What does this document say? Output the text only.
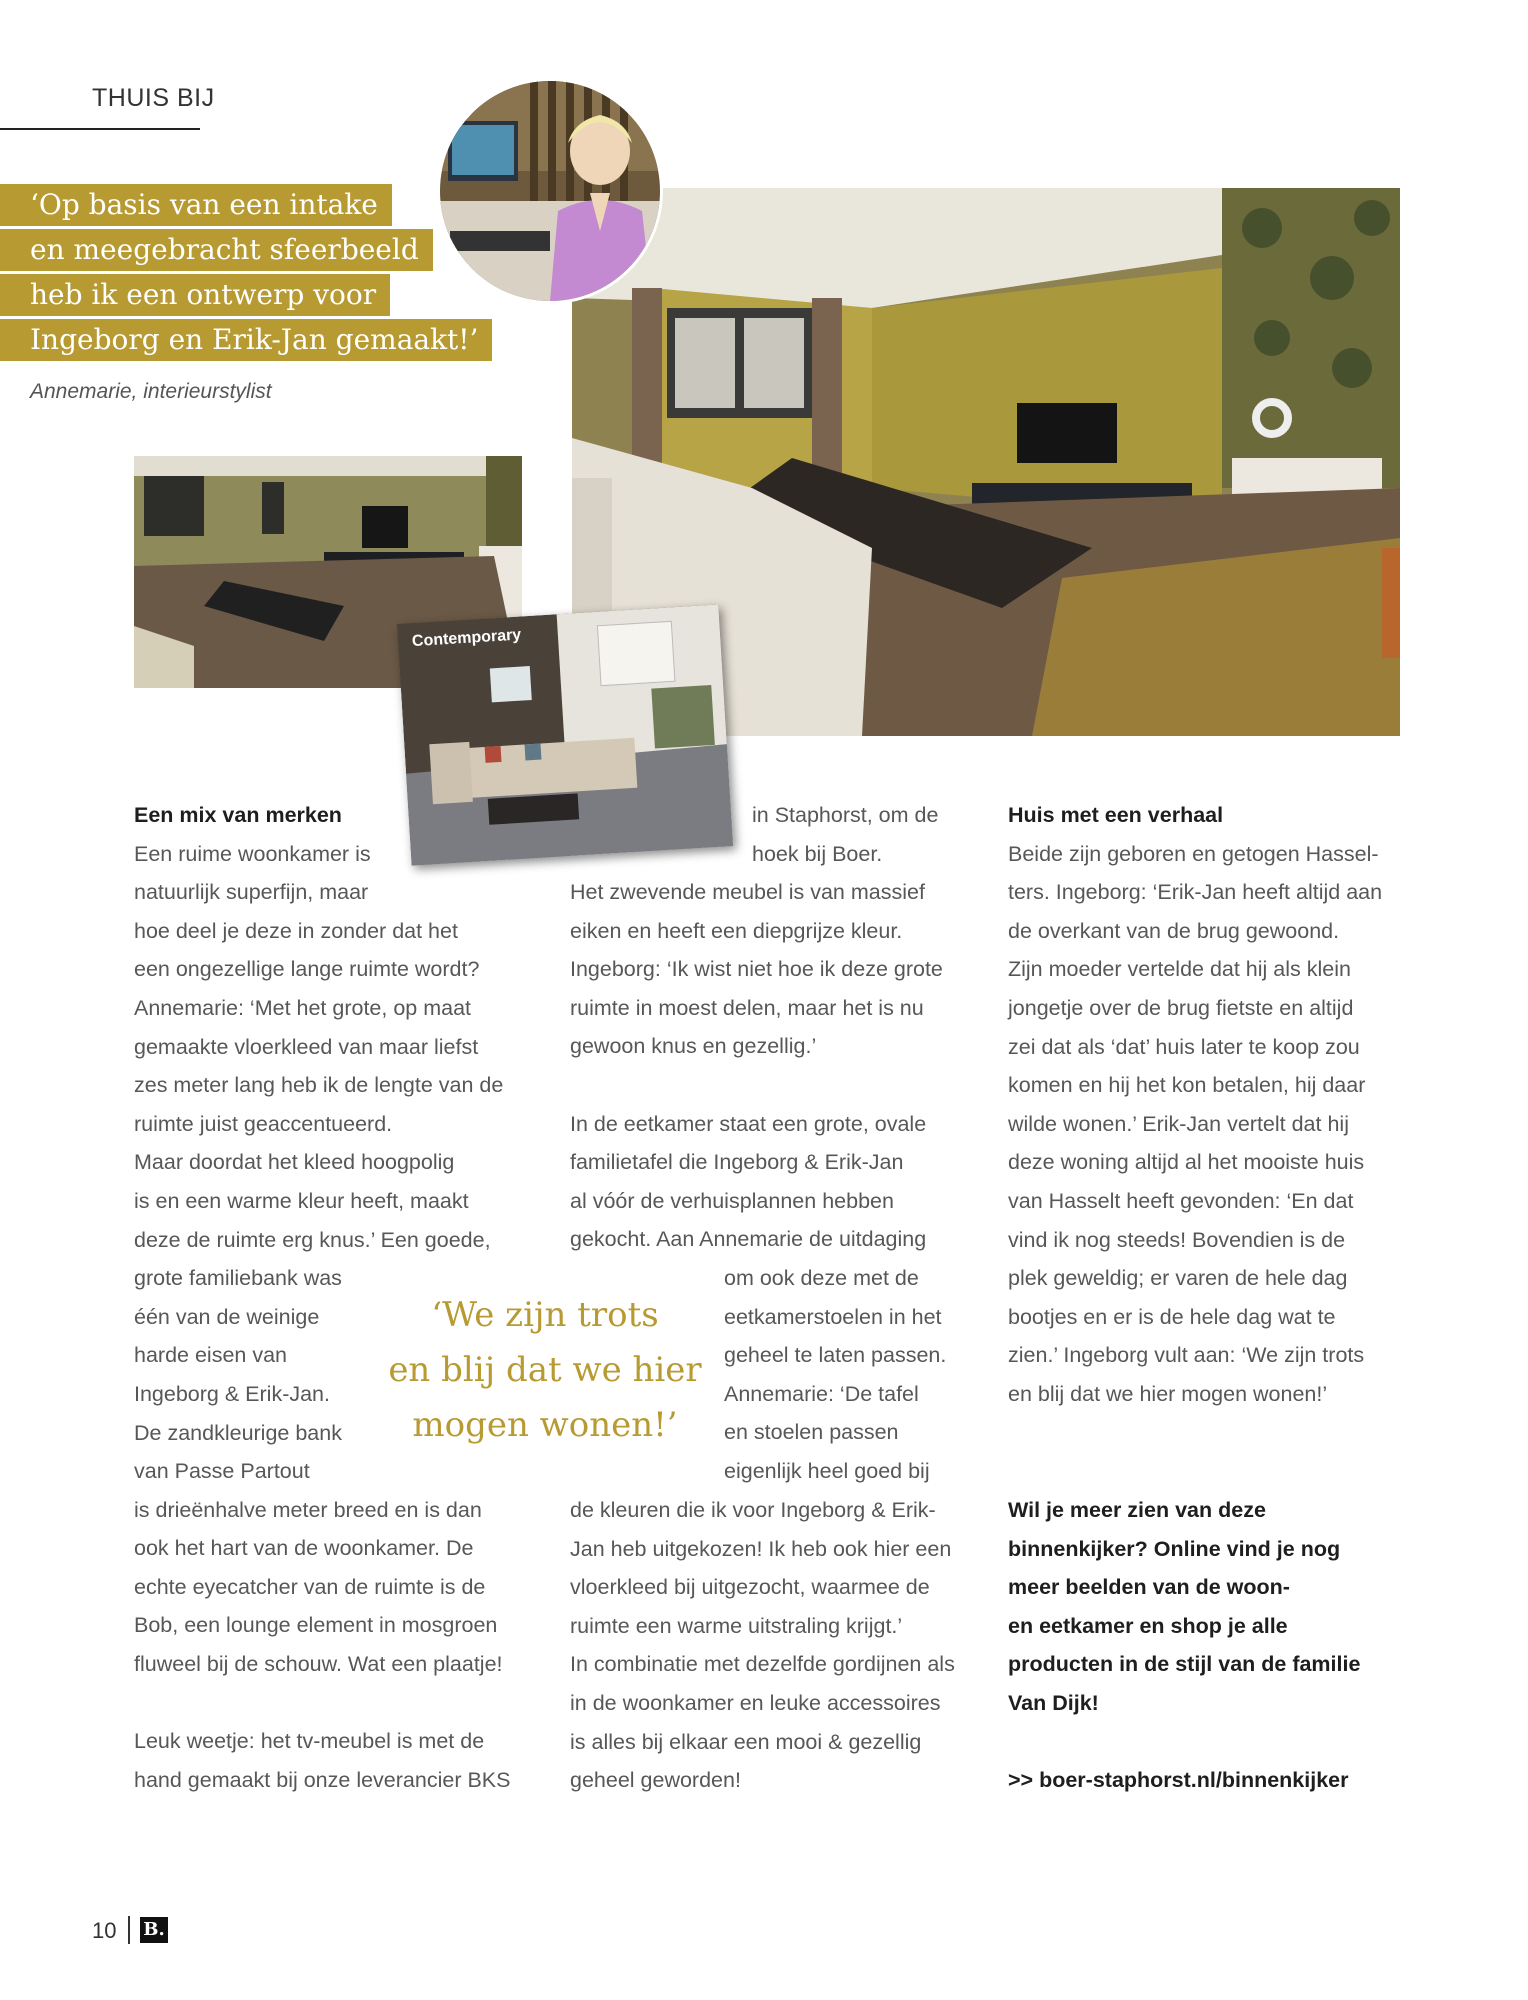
THUIS BIJ
‘Op basis van een intake
en meegebracht sfeerbeeld
heb ik een ontwerp voor
Ingeborg en Erik-Jan gemaakt!’
Annemarie, interieurstylist
Contemporary

Een mix van merken

Een ruime woonkamer is

natuurlijk superfijn, maar

hoe deel je deze in zonder dat het

een ongezellige lange ruimte wordt?

Annemarie: ‘Met het grote, op maat

gemaakte vloerkleed van maar liefst

zes meter lang heb ik de lengte van de

ruimte juist geaccentueerd.

Maar doordat het kleed hoogpolig

is en een warme kleur heeft, maakt

deze de ruimte erg knus.’ Een goede,

grote familiebank was

één van de weinige

harde eisen van

Ingeborg & Erik-Jan.

De zandkleurige bank

van Passe Partout

is drieënhalve meter breed en is dan

ook het hart van de woonkamer. De

echte eyecatcher van de ruimte is de

Bob, een lounge element in mosgroen

fluweel bij de schouw. Wat een plaatje!

Leuk weetje: het tv-meubel is met de

hand gemaakt bij onze leverancier BKS

in Staphorst, om de

hoek bij Boer.

Het zwevende meubel is van massief

eiken en heeft een diepgrijze kleur.

Ingeborg: ‘Ik wist niet hoe ik deze grote

ruimte in moest delen, maar het is nu

gewoon knus en gezellig.’

In de eetkamer staat een grote, ovale

familietafel die Ingeborg & Erik-Jan

al vóór de verhuisplannen hebben

gekocht. Aan Annemarie de uitdaging

om ook deze met de

eetkamerstoelen in het

geheel te laten passen.

Annemarie: ‘De tafel

en stoelen passen

eigenlijk heel goed bij

de kleuren die ik voor Ingeborg & Erik-

Jan heb uitgekozen! Ik heb ook hier een

vloerkleed bij uitgezocht, waarmee de

ruimte een warme uitstraling krijgt.’

In combinatie met dezelfde gordijnen als

in de woonkamer en leuke accessoires

is alles bij elkaar een mooi & gezellig

geheel geworden!

‘We zijn trots
en blij dat we hier
mogen wonen!’

Huis met een verhaal

Beide zijn geboren en getogen Hassel-

ters. Ingeborg: ‘Erik-Jan heeft altijd aan

de overkant van de brug gewoond.

Zijn moeder vertelde dat hij als klein

jongetje over de brug fietste en altijd

zei dat als ‘dat’ huis later te koop zou

komen en hij het kon betalen, hij daar

wilde wonen.’ Erik-Jan vertelt dat hij

deze woning altijd al het mooiste huis

van Hasselt heeft gevonden: ‘En dat

vind ik nog steeds! Bovendien is de

plek geweldig; er varen de hele dag

bootjes en er is de hele dag wat te

zien.’ Ingeborg vult aan: ‘We zijn trots

en blij dat we hier mogen wonen!’

Wil je meer zien van deze

binnenkijker? Online vind je nog

meer beelden van de woon-

en eetkamer en shop je alle

producten in de stijl van de familie

Van Dijk!

>> boer-staphorst.nl/binnenkijker

10 B.
